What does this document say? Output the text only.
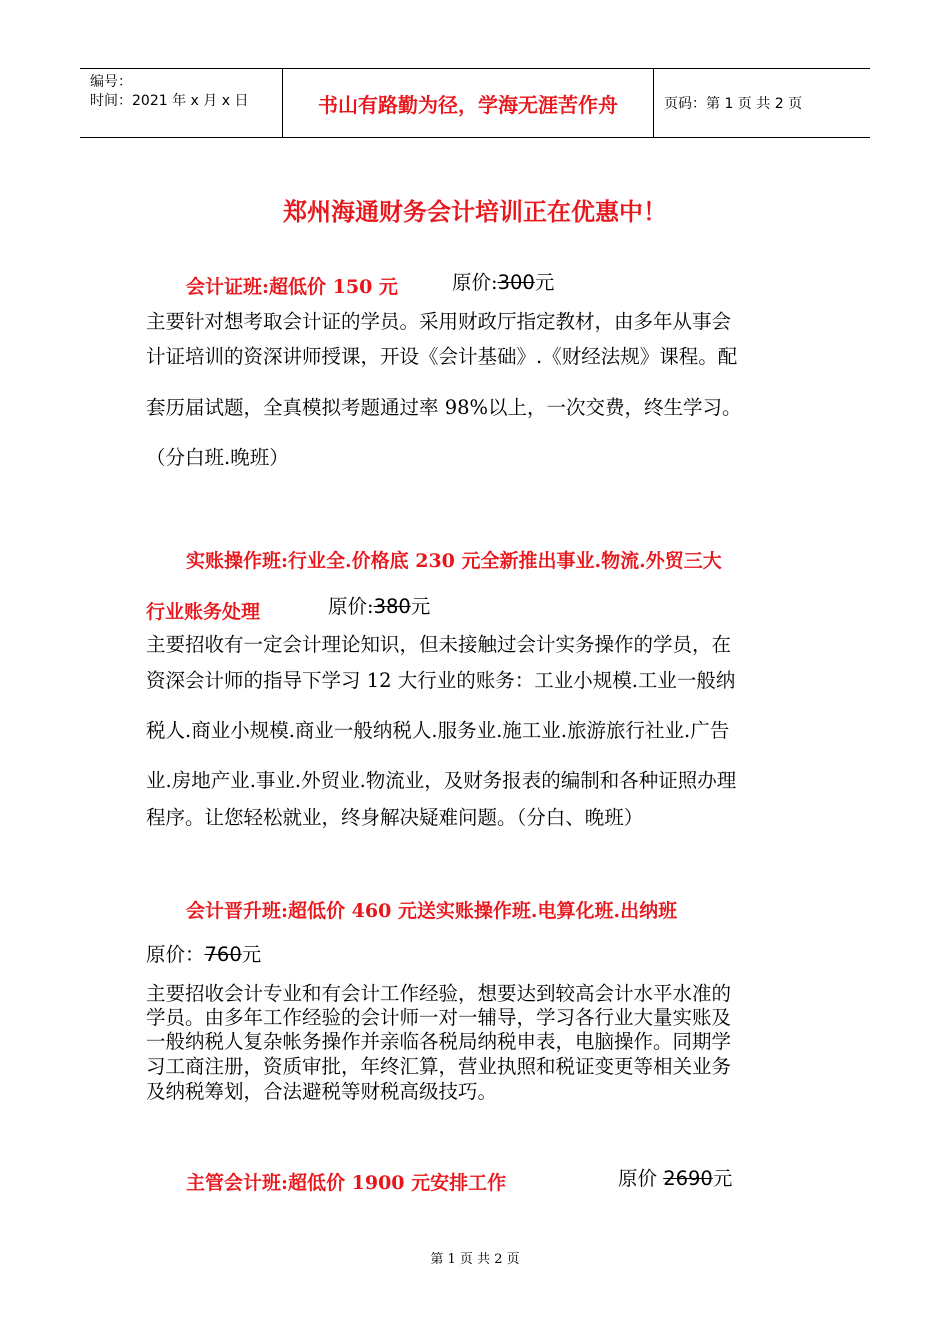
编号：
时间：2021 年 x 月 x 日	书山有路勤为径，学海无涯苦作舟	页码：第 1 页 共 2 页
郑州海通财务会计培训正在优惠中！
会计证班:超低价 150 元	原价:300元
主要针对想考取会计证的学员。采用财政厅指定教材，由多年从事会
计证培训的资深讲师授课，开设《会计基础》.《财经法规》课程。配
套历届试题，全真模拟考题通过率 98%以上，一次交费，终生学习。
（分白班.晚班）
实账操作班:行业全.价格底 230 元全新推出事业.物流.外贸三大
行业账务处理	原价:380元
主要招收有一定会计理论知识，但未接触过会计实务操作的学员，在
资深会计师的指导下学习 12 大行业的账务：工业小规模.工业一般纳
税人.商业小规模.商业一般纳税人.服务业.施工业.旅游旅行社业.广告
业.房地产业.事业.外贸业.物流业，及财务报表的编制和各种证照办理
程序。让您轻松就业，终身解决疑难问题。（分白、晚班）
会计晋升班:超低价 460 元送实账操作班.电算化班.出纳班
原价：760元
主要招收会计专业和有会计工作经验，想要达到较高会计水平水准的
学员。由多年工作经验的会计师一对一辅导，学习各行业大量实账及
一般纳税人复杂帐务操作并亲临各税局纳税申表，电脑操作。同期学
习工商注册，资质审批，年终汇算，营业执照和税证变更等相关业务
及纳税筹划，合法避税等财税高级技巧。
主管会计班:超低价 1900 元安排工作	原价 2690元
第 1 页 共 2 页
